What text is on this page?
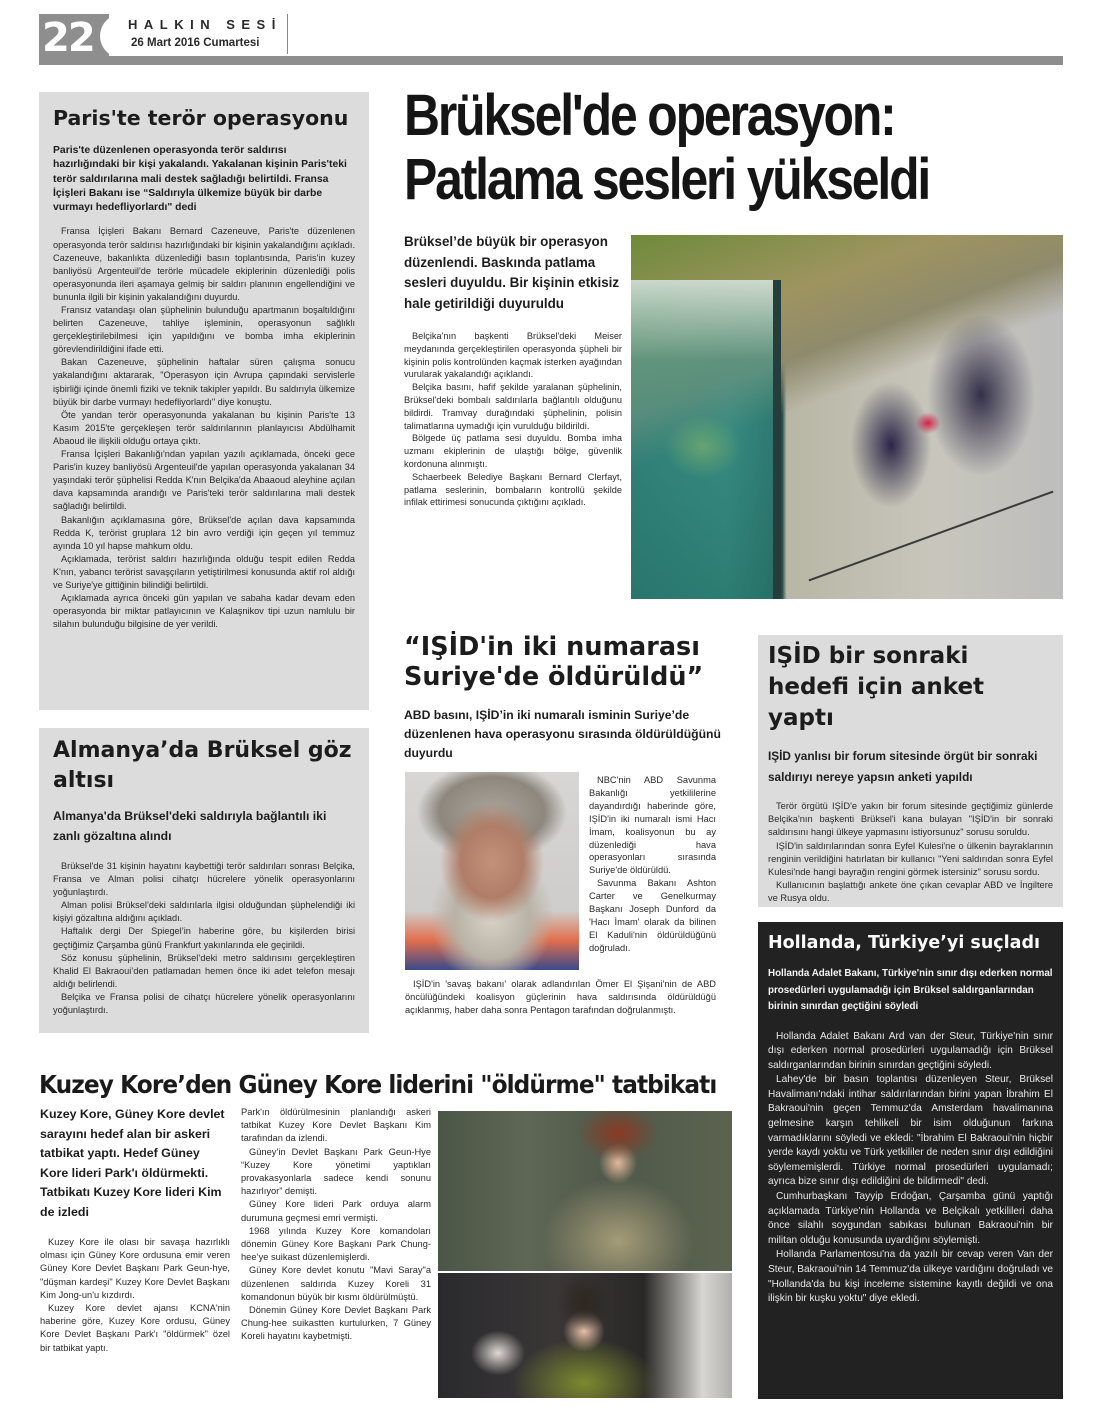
22	HALKIN SESİ
26 Mart 2016 Cumartesi
Paris'te terör operasyonu
Paris'te düzenlenen operasyonda terör saldırısı hazırlığındaki bir kişi yakalandı. Yakalanan kişinin Paris'teki terör saldırılarına mali destek sağladığı belirtildi. Fransa İçişleri Bakanı ise “Saldırıyla ülkemize büyük bir darbe vurmayı hedefliyorlardı" dedi

Fransa İçişleri Bakanı Bernard Cazeneuve, Paris'te düzenlenen operasyonda terör saldırısı hazırlığındaki bir kişinin yakalandığını açıkladı. Cazeneuve, bakanlıkta düzenlediği basın toplantısında, Paris'in kuzey banliyösü Argenteuil'de terörle mücadele ekiplerinin düzenlediği polis operasyonunda ileri aşamaya gelmiş bir saldırı planının engellendiğini ve bununla ilgili bir kişinin yakalandığını duyurdu.

Fransız vatandaşı olan şüphelinin bulunduğu apartmanın boşaltıldığını belirten Cazeneuve, tahliye işleminin, operasyonun sağlıklı gerçekleştirilebilmesi için yapıldığını ve bomba imha ekiplerinin görevlendirildiğini ifade etti.

Bakan Cazeneuve, şüphelinin haftalar süren çalışma sonucu yakalandığını aktararak, "Operasyon için Avrupa çapındaki servislerle işbirliği içinde önemli fiziki ve teknik takipler yapıldı. Bu saldırıyla ülkemize büyük bir darbe vurmayı hedefliyorlardı" diye konuştu.

Öte yandan terör operasyonunda yakalanan bu kişinin Paris'te 13 Kasım 2015'te gerçekleşen terör saldırılarının planlayıcısı Abdülhamit Abaoud ile ilişkili olduğu ortaya çıktı.

Fransa İçişleri Bakanlığı'ndan yapılan yazılı açıklamada, önceki gece Paris'in kuzey banliyösü Argenteuil'de yapılan operasyonda yakalanan 34 yaşındaki terör şüphelisi Redda K'nın Belçika'da Abaaoud aleyhine açılan dava kapsamında arandığı ve Paris'teki terör saldırılarına mali destek sağladığı belirtildi.

Bakanlığın açıklamasına göre, Brüksel'de açılan dava kapsamında Redda K, terörist gruplara 12 bin avro verdiği için geçen yıl temmuz ayında 10 yıl hapse mahkum oldu.

Açıklamada, terörist saldırı hazırlığında olduğu tespit edilen Redda K'nın, yabancı terörist savaşçıların yetiştirilmesi konusunda aktif rol aldığı ve Suriye'ye gittiğinin bilindiği belirtildi.

Açıklamada ayrıca önceki gün yapılan ve sabaha kadar devam eden operasyonda bir miktar patlayıcının ve Kalaşnikov tipi uzun namlulu bir silahın bulunduğu bilgisine de yer verildi.

Almanya’da Brüksel göz altısı
Almanya'da Brüksel'deki saldırıyla bağlantılı iki zanlı gözaltına alındı

Brüksel'de 31 kişinin hayatını kaybettiği terör saldırıları sonrası Belçika, Fransa ve Alman polisi cihatçı hücrelere yönelik operasyonlarını yoğunlaştırdı.

Alman polisi Brüksel’deki saldırılarla ilgisi olduğundan şüphelendiği iki kişiyi gözaltına aldığını açıkladı.

Haftalık dergi Der Spiegel’in haberine göre, bu kişilerden birisi geçtiğimiz Çarşamba günü Frankfurt yakınlarında ele geçirildi.

Söz konusu şüphelinin, Brüksel’deki metro saldırısını gerçekleştiren Khalid El Bakraoui’den patlamadan hemen önce iki adet telefon mesajı aldığı belirlendi.

Belçika ve Fransa polisi de cihatçı hücrelere yönelik operasyonlarını yoğunlaştırdı.

Brüksel'de operasyon: Patlama sesleri yükseldi
Brüksel’de büyük bir operasyon düzenlendi. Baskında patlama sesleri duyuldu. Bir kişinin etkisiz hale getirildiği duyuruldu

Belçika'nın başkenti Brüksel'deki Meiser meydanında gerçekleştirilen operasyonda şüpheli bir kişinin polis kontrolünden kaçmak isterken ayağından vurularak yakalandığı açıklandı.

Belçika basını, hafif şekilde yaralanan şüphelinin, Brüksel'deki bombalı saldırılarla bağlantılı olduğunu bildirdi. Tramvay durağındaki şüphelinin, polisin talimatlarına uymadığı için vurulduğu bildirildi.

Bölgede üç patlama sesi duyuldu. Bomba imha uzmanı ekiplerinin de ulaştığı bölge, güvenlik kordonuna alınmıştı.

Schaerbeek Belediye Başkanı Bernard Clerfayt, patlama seslerinin, bombaların kontrollü şekilde infilak ettirimesi sonucunda çıktığını açıkladı.

“IŞİD'in iki numarası Suriye'de öldürüldü”
ABD basını, IŞİD’in iki numaralı isminin Suriye’de düzenlenen hava operasyonu sırasında öldürüldüğünü duyurdu

NBC'nin ABD Savunma Bakanlığı yetkililerine dayandırdığı haberinde göre, IŞİD'in iki numaralı ismi Hacı İmam, koalisyonun bu ay düzenlediği hava operasyonları sırasında Suriye'de öldürüldü.

Savunma Bakanı Ashton Carter ve Genelkurmay Başkanı Joseph Dunford da 'Hacı İmam' olarak da bilinen El Kaduli'nin öldürüldüğünü doğruladı.

IŞİD'in 'savaş bakanı' olarak adlandırılan Ömer El Şişani'nin de ABD öncülüğündeki koalisyon güçlerinin hava saldırısında öldürüldüğü açıklanmış, haber daha sonra Pentagon tarafından doğrulanmıştı.

IŞİD bir sonraki hedefi için anket yaptı
IŞİD yanlısı bir forum sitesinde örgüt bir sonraki saldırıyı nereye yapsın anketi yapıldı

Terör örgütü IŞİD'e yakın bir forum sitesinde geçtiğimiz günlerde Belçika'nın başkenti Brüksel'i kana bulayan "IŞİD'in bir sonraki saldırısını hangi ülkeye yapmasını istiyorsunuz" sorusu soruldu.

IŞİD'in saldırılarından sonra Eyfel Kulesi'ne o ülkenin bayraklarının renginin verildiğini hatırlatan bir kullanıcı "Yeni saldırıdan sonra Eyfel Kulesi'nde hangi bayrağın rengini görmek istersiniz" sorusu sordu.

Kullanıcının başlattığı ankete öne çıkan cevaplar ABD ve İngiltere ve Rusya oldu.

Hollanda, Türkiye’yi suçladı
Hollanda Adalet Bakanı, Türkiye'nin sınır dışı ederken normal prosedürleri uygulamadığı için Brüksel saldırganlarından birinin sınırdan geçtiğini söyledi

Hollanda Adalet Bakanı Ard van der Steur, Türkiye'nin sınır dışı ederken normal prosedürleri uygulamadığı için Brüksel saldırganlarından birinin sınırdan geçtiğini söyledi.

Lahey'de bir basın toplantısı düzenleyen Steur, Brüksel Havalimanı'ndaki intihar saldırılarından birini yapan İbrahim El Bakraoui'nin geçen Temmuz'da Amsterdam havalimanına gelmesine karşın tehlikeli bir isim olduğunun farkına varmadıklarını söyledi ve ekledi: "İbrahim El Bakraoui'nin hiçbir yerde kaydı yoktu ve Türk yetkililer de neden sınır dışı edildiğini söylememişlerdi. Türkiye normal prosedürleri uygulamadı; ayrıca bize sınır dışı edildiğini de bildirmedi" dedi.

Cumhurbaşkanı Tayyip Erdoğan, Çarşamba günü yaptığı açıklamada Türkiye'nin Hollanda ve Belçikalı yetkilileri daha önce silahlı soygundan sabıkası bulunan Bakraoui'nin bir militan olduğu konusunda uyardığını söylemişti.

Hollanda Parlamentosu'na da yazılı bir cevap veren Van der Steur, Bakraoui'nin 14 Temmuz'da ülkeye vardığını doğruladı ve "Hollanda'da bu kişi inceleme sistemine kayıtlı değildi ve ona ilişkin bir kuşku yoktu" diye ekledi.

Kuzey Kore’den Güney Kore liderini "öldürme" tatbikatı
Kuzey Kore, Güney Kore devlet sarayını hedef alan bir askeri tatbikat yaptı. Hedef Güney Kore lideri Park'ı öldürmekti. Tatbikatı Kuzey Kore lideri Kim de izledi

Kuzey Kore ile olası bir savaşa hazırlıklı olması için Güney Kore ordusuna emir veren Güney Kore Devlet Başkanı Park Geun-hye, "düşman kardeşi" Kuzey Kore Devlet Başkanı Kim Jong-un'u kızdırdı.

Kuzey Kore devlet ajansı KCNA'nin haberine göre, Kuzey Kore ordusu, Güney Kore Devlet Başkanı Park'ı "öldürmek" özel bir tatbikat yaptı.

Park'ın öldürülmesinin planlandığı askeri tatbikat Kuzey Kore Devlet Başkanı Kim tarafından da izlendi.

Güney’in Devlet Başkanı Park Geun-Hye “Kuzey Kore yönetimi yaptıkları provakasyonlarla sadece kendi sonunu hazırlıyor” demişti.

Güney Kore lideri Park orduya alarm durumuna geçmesi emri vermişti.

1968 yılında Kuzey Kore komandoları dönemin Güney Kore Başkanı Park Chung-hee’ye suikast düzenlemişlerdi.

Güney Kore devlet konutu "Mavi Saray"a düzenlenen saldırıda Kuzey Koreli 31 komandonun büyük bir kısmı öldürülmüştü.

Dönemin Güney Kore Devlet Başkanı Park Chung-hee suikastten kurtulurken, 7 Güney Koreli hayatını kaybetmişti.
